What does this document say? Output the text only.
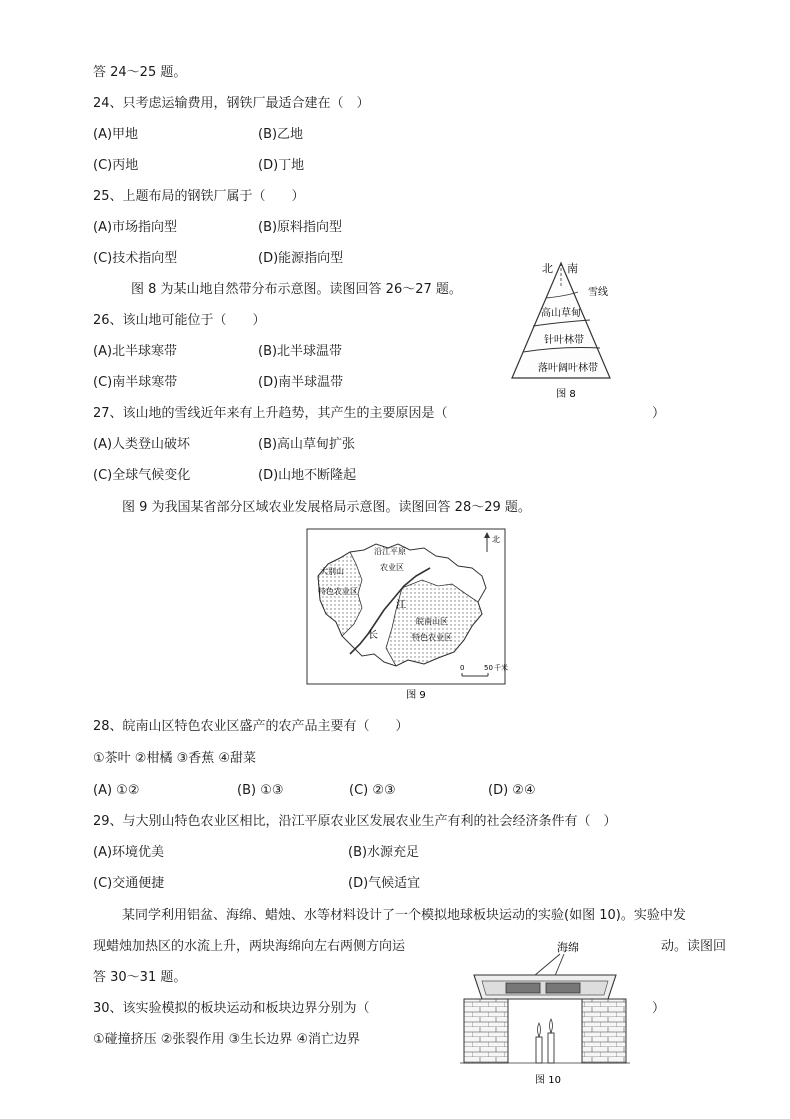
答 24～25 题。
24、只考虑运输费用，钢铁厂最适合建在（　）
(A)甲地	(B)乙地
(C)丙地	(D)丁地
25、上题布局的钢铁厂属于（　　）
(A)市场指向型	(B)原料指向型
(C)技术指向型	(D)能源指向型
图 8 为某山地自然带分布示意图。读图回答 26～27 题。
26、该山地可能位于（　　）
(A)北半球寒带	(B)北半球温带
(C)南半球寒带	(D)南半球温带
27、该山地的雪线近年来有上升趋势，其产生的主要原因是（	）
(A)人类登山破坏	(B)高山草甸扩张
(C)全球气候变化	(D)山地不断隆起
图 9 为我国某省部分区域农业发展格局示意图。读图回答 28～29 题。
28、皖南山区特色农业区盛产的农产品主要有（　　）
①茶叶 ②柑橘 ③香蕉 ④甜菜
(A) ①②	(B) ①③	(C) ②③	(D) ②④
29、与大别山特色农业区相比，沿江平原农业区发展农业生产有利的社会经济条件有（　）
(A)环境优美	(B)水源充足
(C)交通便捷	(D)气候适宜
某同学利用铝盆、海绵、蜡烛、水等材料设计了一个模拟地球板块运动的实验(如图 10)。实验中发
现蜡烛加热区的水流上升，两块海绵向左右两侧方向运	动。读图回
答 30～31 题。
30、该实验模拟的板块运动和板块边界分别为（	）
①碰撞挤压 ②张裂作用 ③生长边界 ④消亡边界
北 南
雪线
高山草甸
针叶林带
落叶阔叶林带
图 8
北
大别山
特色农业区
沿江平原
农业区
江
长
皖南山区
特色农业区
0	50 千米
图 9
海绵
图 10
